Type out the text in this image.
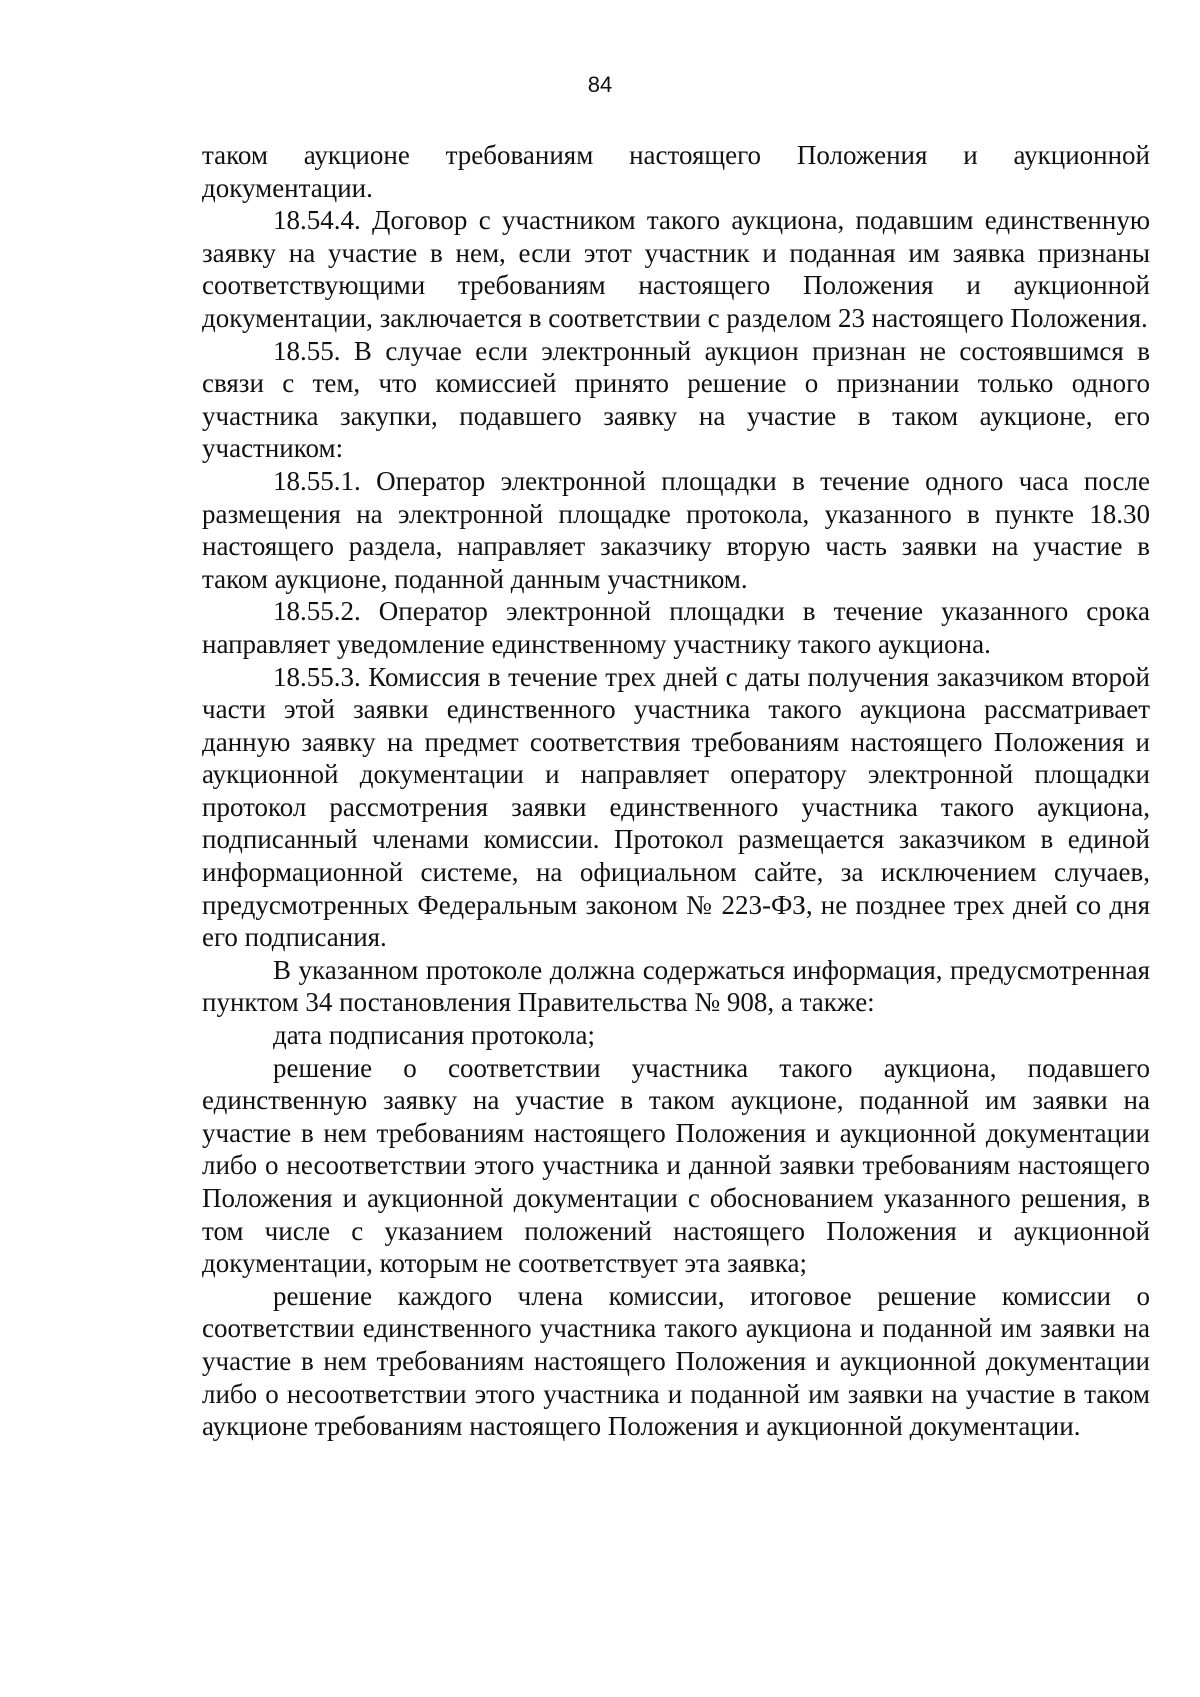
84

таком аукционе требованиям настоящего Положения и аукционной документации.

18.54.4. Договор с участником такого аукциона, подавшим единственную заявку на участие в нем, если этот участник и поданная им заявка признаны соответствующими требованиям настоящего Положения и аукционной документации, заключается в соответствии с разделом 23 настоящего Положения.

18.55. В случае если электронный аукцион признан не состоявшимся в связи с тем, что комиссией принято решение о признании только одного участника закупки, подавшего заявку на участие в таком аукционе, его участником:

18.55.1. Оператор электронной площадки в течение одного часа после размещения на электронной площадке протокола, указанного в пункте 18.30 настоящего раздела, направляет заказчику вторую часть заявки на участие в таком аукционе, поданной данным участником.

18.55.2. Оператор электронной площадки в течение указанного срока направляет уведомление единственному участнику такого аукциона.

18.55.3. Комиссия в течение трех дней с даты получения заказчиком второй части этой заявки единственного участника такого аукциона рассматривает данную заявку на предмет соответствия требованиям настоящего Положения и аукционной документации и направляет оператору электронной площадки протокол рассмотрения заявки единственного участника такого аукциона, подписанный членами комиссии. Протокол размещается заказчиком в единой информационной системе, на официальном сайте, за исключением случаев, предусмотренных Федеральным законом № 223-ФЗ, не позднее трех дней со дня его подписания.

В указанном протоколе должна содержаться информация, предусмотренная пунктом 34 постановления Правительства № 908, а также:

дата подписания протокола;

решение о соответствии участника такого аукциона, подавшего единственную заявку на участие в таком аукционе, поданной им заявки на участие в нем требованиям настоящего Положения и аукционной документации либо о несоответствии этого участника и данной заявки требованиям настоящего Положения и аукционной документации с обоснованием указанного решения, в том числе с указанием положений настоящего Положения и аукционной документации, которым не соответствует эта заявка;

решение каждого члена комиссии, итоговое решение комиссии о соответствии единственного участника такого аукциона и поданной им заявки на участие в нем требованиям настоящего Положения и аукционной документации либо о несоответствии этого участника и поданной им заявки на участие в таком аукционе требованиям настоящего Положения и аукционной документации.
